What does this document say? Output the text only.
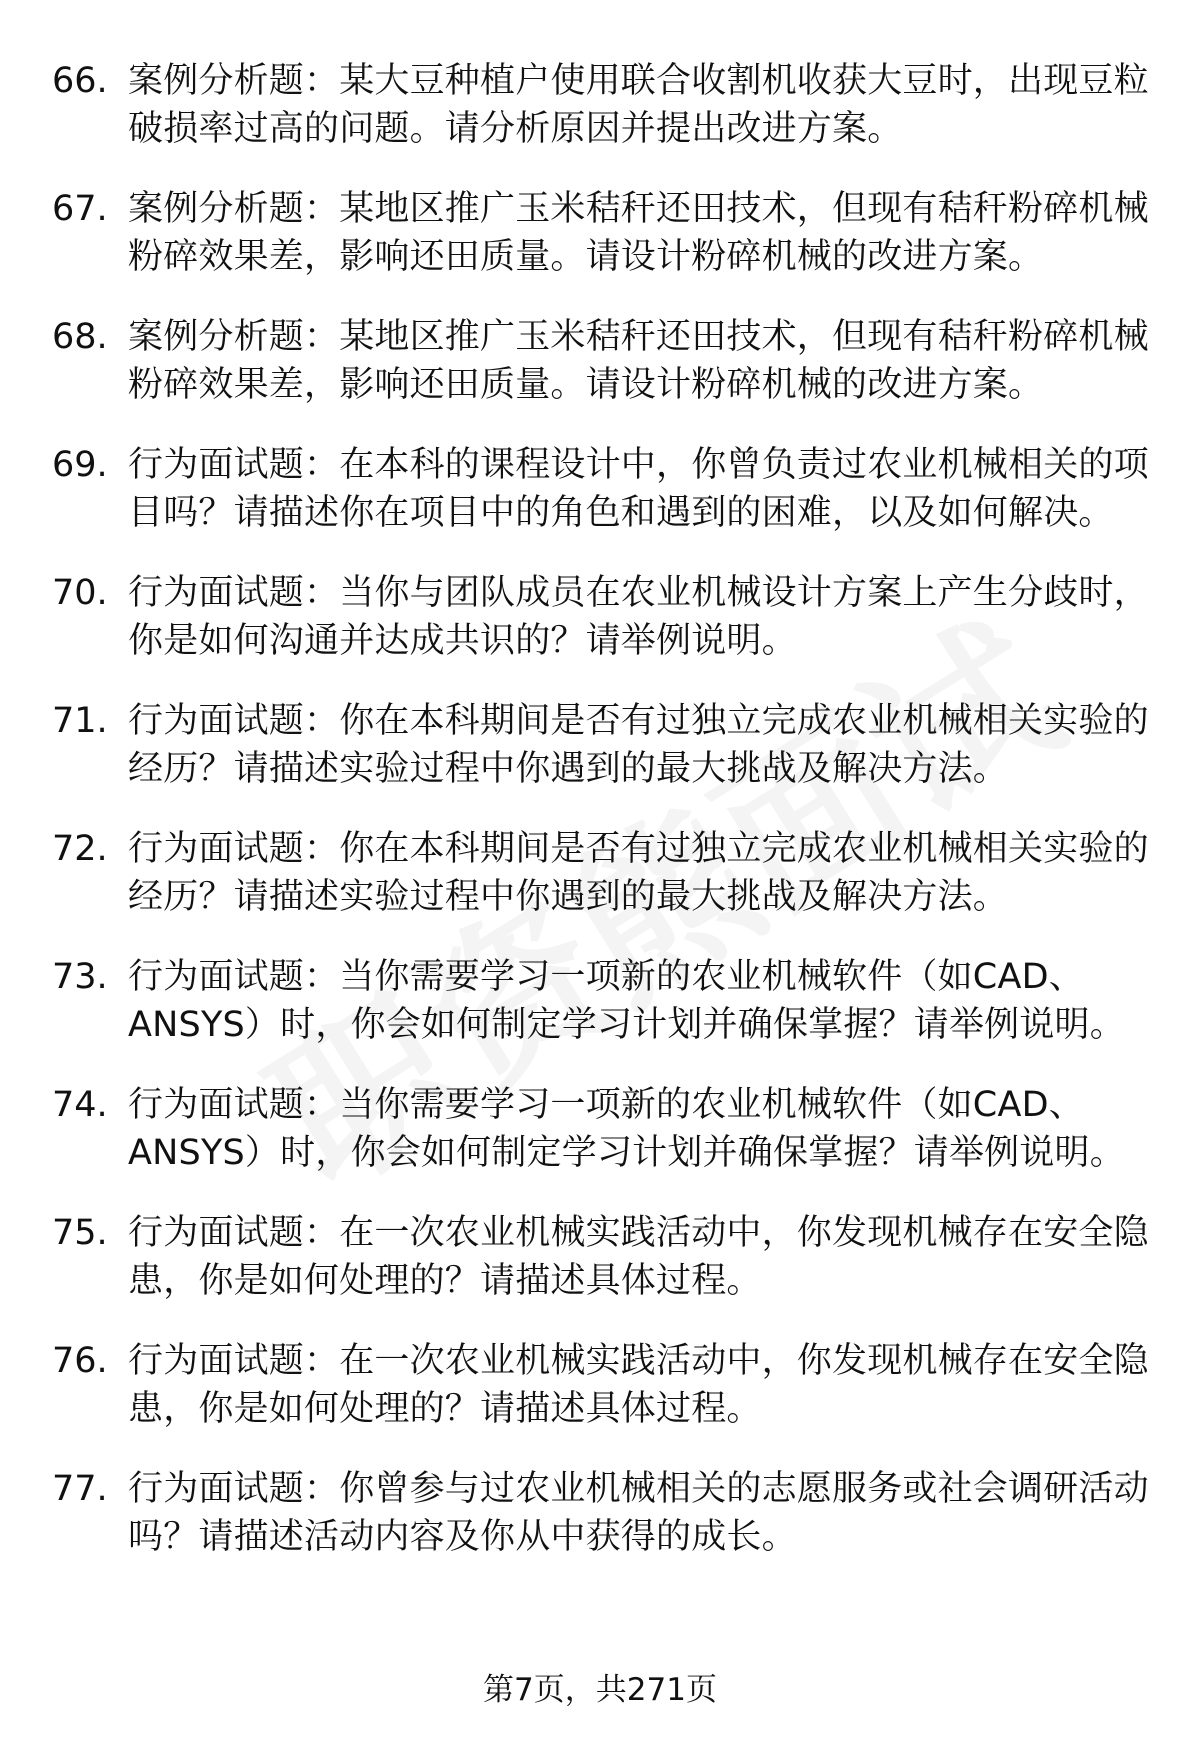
66. 案例分析题：某大豆种植户使用联合收割机收获大豆时，出现豆粒破损率过高的问题。请分析原因并提出改进方案。
67. 案例分析题：某地区推广玉米秸秆还田技术，但现有秸秆粉碎机械粉碎效果差，影响还田质量。请设计粉碎机械的改进方案。
68. 案例分析题：某地区推广玉米秸秆还田技术，但现有秸秆粉碎机械粉碎效果差，影响还田质量。请设计粉碎机械的改进方案。
69. 行为面试题：在本科的课程设计中，你曾负责过农业机械相关的项目吗？请描述你在项目中的角色和遇到的困难，以及如何解决。
70. 行为面试题：当你与团队成员在农业机械设计方案上产生分歧时，你是如何沟通并达成共识的？请举例说明。
71. 行为面试题：你在本科期间是否有过独立完成农业机械相关实验的经历？请描述实验过程中你遇到的最大挑战及解决方法。
72. 行为面试题：你在本科期间是否有过独立完成农业机械相关实验的经历？请描述实验过程中你遇到的最大挑战及解决方法。
73. 行为面试题：当你需要学习一项新的农业机械软件（如CAD、ANSYS）时，你会如何制定学习计划并确保掌握？请举例说明。
74. 行为面试题：当你需要学习一项新的农业机械软件（如CAD、ANSYS）时，你会如何制定学习计划并确保掌握？请举例说明。
75. 行为面试题：在一次农业机械实践活动中，你发现机械存在安全隐患，你是如何处理的？请描述具体过程。
76. 行为面试题：在一次农业机械实践活动中，你发现机械存在安全隐患，你是如何处理的？请描述具体过程。
77. 行为面试题：你曾参与过农业机械相关的志愿服务或社会调研活动吗？请描述活动内容及你从中获得的成长。
第7页，共271页
